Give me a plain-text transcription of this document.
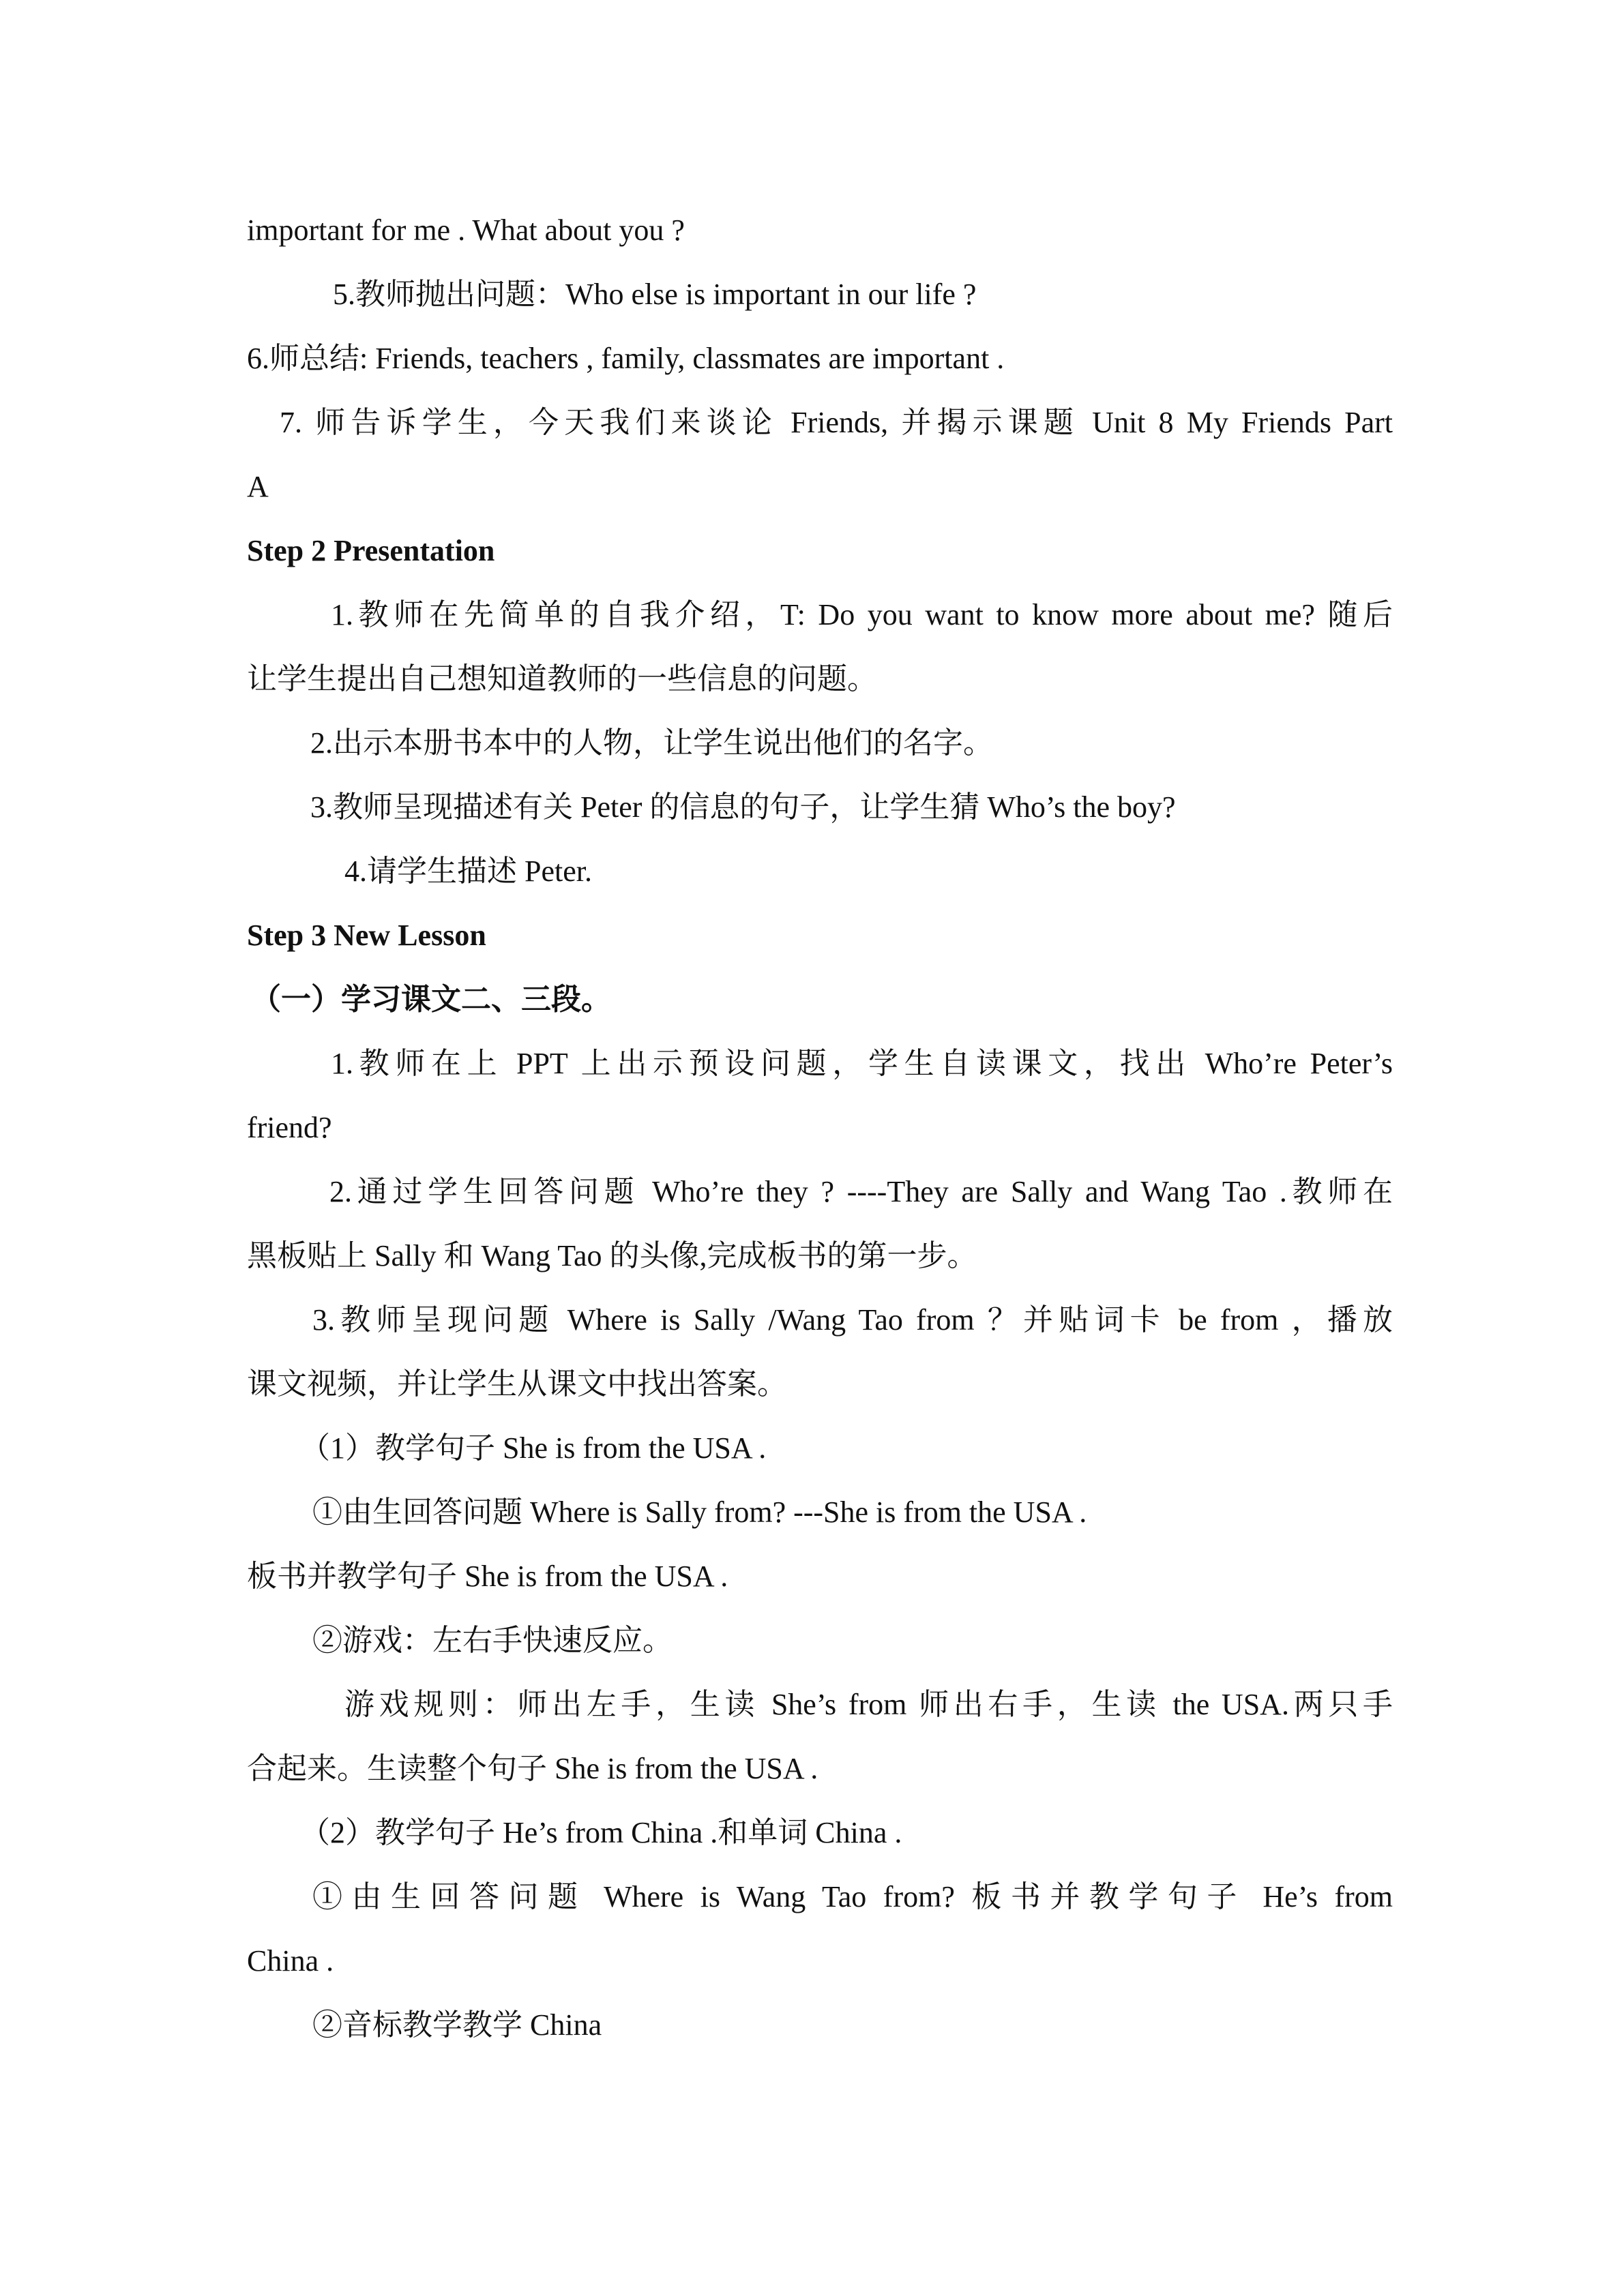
important for me . What about you ?
5.教师抛出问题：Who else is important in our life ?
6.师总结: Friends, teachers , family, classmates are important .
7. 师告诉学生，今天我们来谈论 Friends, 并揭示课题 Unit 8 My Friends Part
A
Step 2 Presentation
1.教师在先简单的自我介绍，T: Do you want to know more about me? 随后
让学生提出自己想知道教师的一些信息的问题。
2.出示本册书本中的人物，让学生说出他们的名字。
3.教师呈现描述有关 Peter 的信息的句子，让学生猜 Who’s the boy?
4.请学生描述 Peter.
Step 3 New Lesson
（一）学习课文二、三段。
1.教师在上 PPT 上出示预设问题，学生自读课文，找出 Who’re Peter’s
friend?
2.通过学生回答问题 Who’re they ? ----They are Sally and Wang Tao .教师在
黑板贴上 Sally 和 Wang Tao 的头像,完成板书的第一步。
3.教师呈现问题 Where is Sally /Wang Tao from ？并贴词卡 be from ，播放
课文视频，并让学生从课文中找出答案。
（1）教学句子 She is from the USA .
①由生回答问题 Where is Sally from? ---She is from the USA .
板书并教学句子 She is from the USA .
②游戏：左右手快速反应。
游戏规则：师出左手，生读 She’s from 师出右手，生读 the USA.两只手
合起来。生读整个句子 She is from the USA .
（2）教学句子 He’s from China .和单词 China .
①由生回答问题 Where is Wang Tao from? 板书并教学句子 He’s from
China .
②音标教学教学 China
